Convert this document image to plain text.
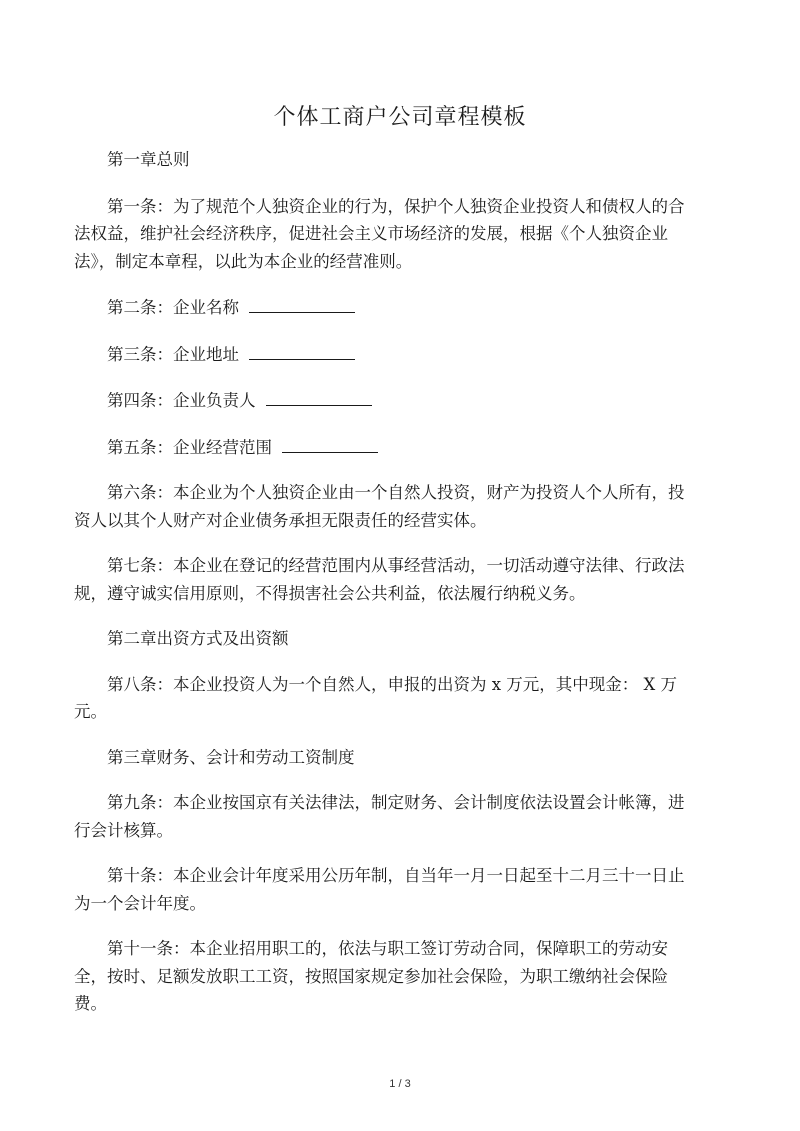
个体工商户公司章程模板

第一章总则

第一条：为了规范个人独资企业的行为，保护个人独资企业投资人和债权人的合法权益，维护社会经济秩序，促进社会主义市场经济的发展，根据《个人独资企业法》，制定本章程，以此为本企业的经营准则。

第二条：企业名称

第三条：企业地址

第四条：企业负责人

第五条：企业经营范围

第六条：本企业为个人独资企业由一个自然人投资，财产为投资人个人所有，投资人以其个人财产对企业债务承担无限责任的经营实体。

第七条：本企业在登记的经营范围内从事经营活动，一切活动遵守法律、行政法规，遵守诚实信用原则，不得损害社会公共利益，依法履行纳税义务。

第二章出资方式及出资额

第八条：本企业投资人为一个自然人，申报的出资为 x 万元，其中现金： X 万元。

第三章财务、会计和劳动工资制度

第九条：本企业按国京有关法律法，制定财务、会计制度依法设置会计帐簿，进行会计核算。

第十条：本企业会计年度采用公历年制，自当年一月一日起至十二月三十一日止为一个会计年度。

第十一条：本企业招用职工的，依法与职工签订劳动合同，保障职工的劳动安全，按时、足额发放职工工资，按照国家规定参加社会保险，为职工缴纳社会保险费。

1 / 3
